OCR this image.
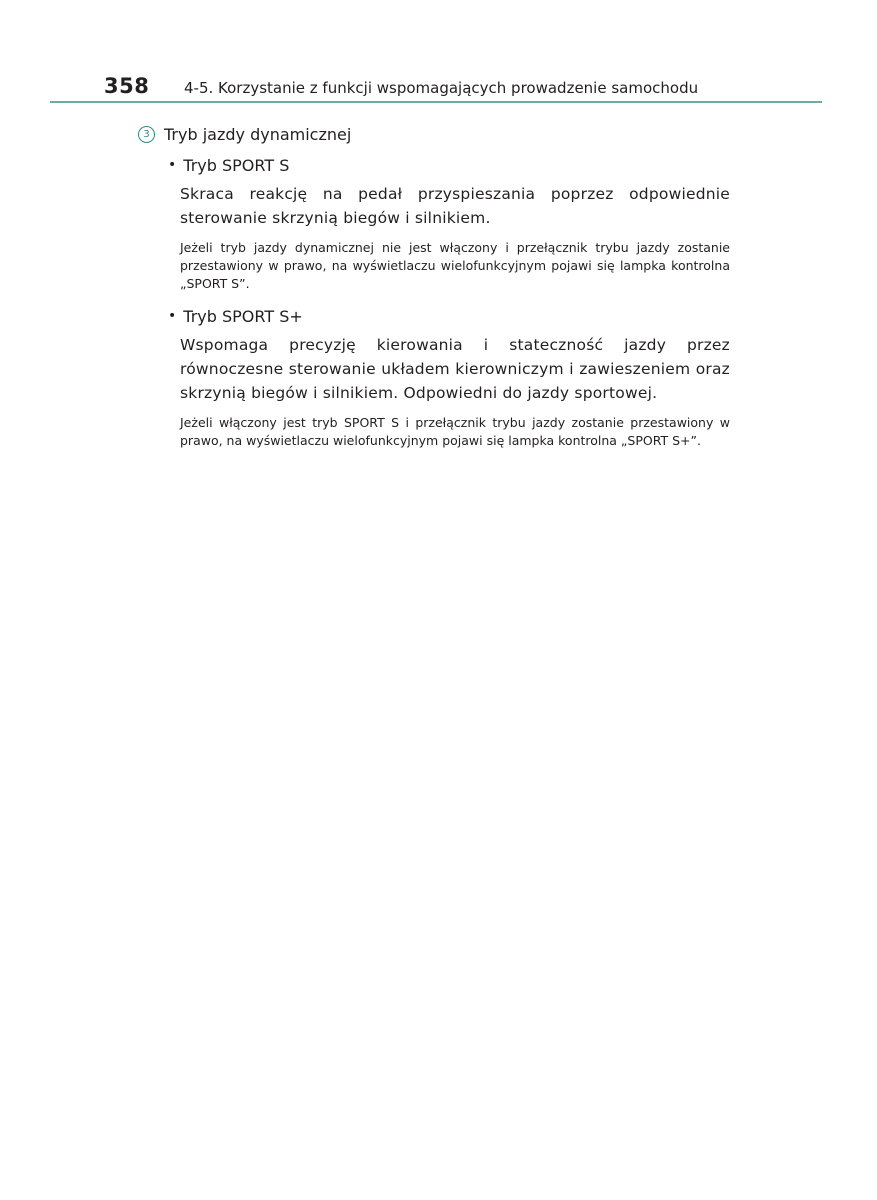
358 4-5. Korzystanie z funkcji wspomagających prowadzenie samochodu
3 Tryb jazdy dynamicznej
• Tryb SPORT S
Skraca reakcję na pedał przyspieszania poprzez odpowiednie sterowanie skrzynią biegów i silnikiem.
Jeżeli tryb jazdy dynamicznej nie jest włączony i przełącznik trybu jazdy zostanie przestawiony w prawo, na wyświetlaczu wielofunkcyjnym pojawi się lampka kontrolna „SPORT S”.
• Tryb SPORT S+
Wspomaga precyzję kierowania i stateczność jazdy przez równoczesne sterowanie układem kierowniczym i zawieszeniem oraz skrzynią biegów i silnikiem. Odpowiedni do jazdy sportowej.
Jeżeli włączony jest tryb SPORT S i przełącznik trybu jazdy zostanie przestawiony w prawo, na wyświetlaczu wielofunkcyjnym pojawi się lampka kontrolna „SPORT S+”.
